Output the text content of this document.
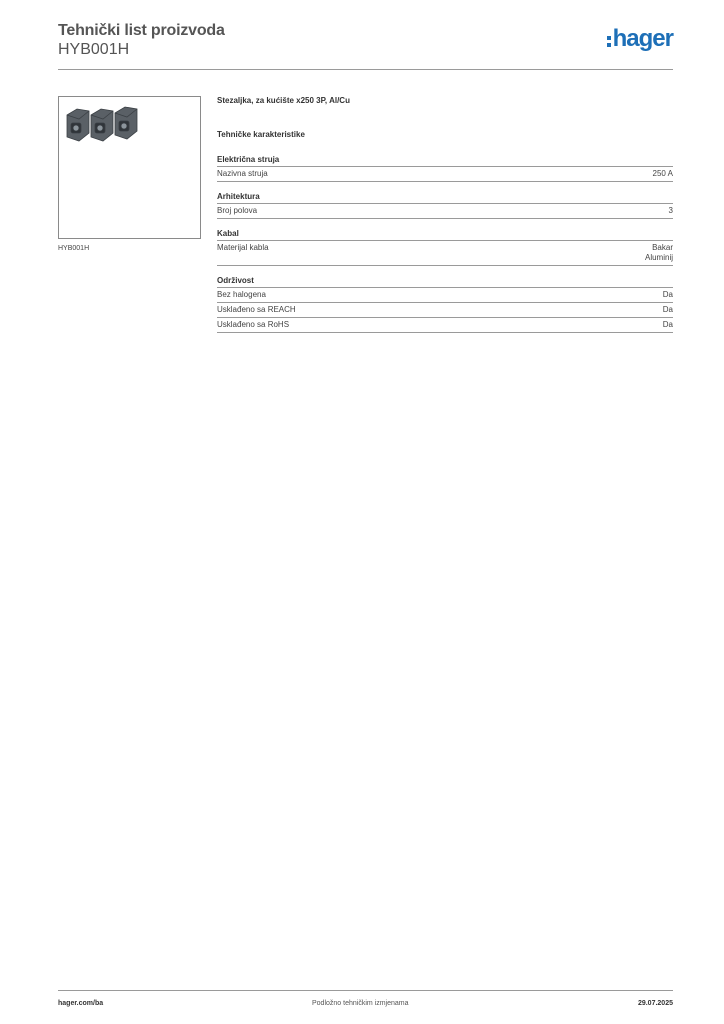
Tehnički list proizvoda
HYB001H	hager
HYB001H
Stezaljka, za kućište x250 3P, Al/Cu
Tehničke karakteristike
Električna struja
Nazivna struja	250 A
Arhitektura
Broj polova	3
Kabal
Materijal kabla	Bakar
Aluminij
Održivost
Bez halogena	Da
Usklađeno sa REACH	Da
Usklađeno sa RoHS	Da
hager.com/ba	Podložno tehničkim izmjenama	29.07.2025
